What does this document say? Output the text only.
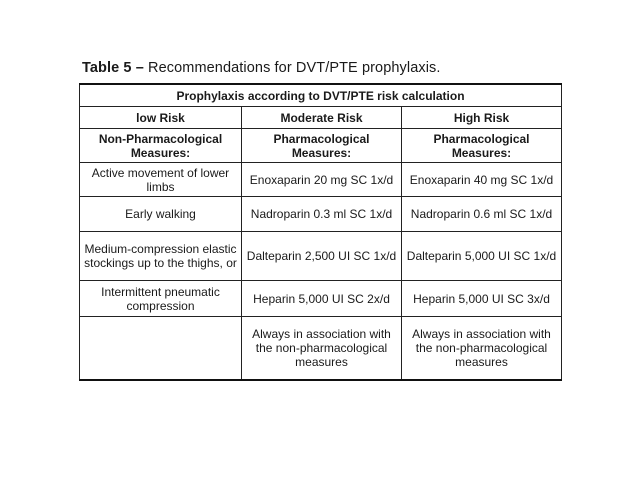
Table 5 – Recommendations for DVT/PTE prophylaxis.
Prophylaxis according to DVT/PTE risk calculation		
low Risk	Moderate Risk	High Risk
Non-Pharmacological Measures:	Pharmacological Measures:	Pharmacological Measures:
Active movement of lower limbs	Enoxaparin 20 mg SC 1x/d	Enoxaparin 40 mg SC 1x/d
Early walking	Nadroparin 0.3 ml SC 1x/d	Nadroparin 0.6 ml SC 1x/d
Medium-compression elastic stockings up to the thighs, or	Dalteparin 2,500 UI SC 1x/d	Dalteparin 5,000 UI SC 1x/d
Intermittent pneumatic compression	Heparin 5,000 UI SC 2x/d	Heparin 5,000 UI SC 3x/d
	Always in association with the non-pharmacological measures	Always in association with the non-pharmacological measures
